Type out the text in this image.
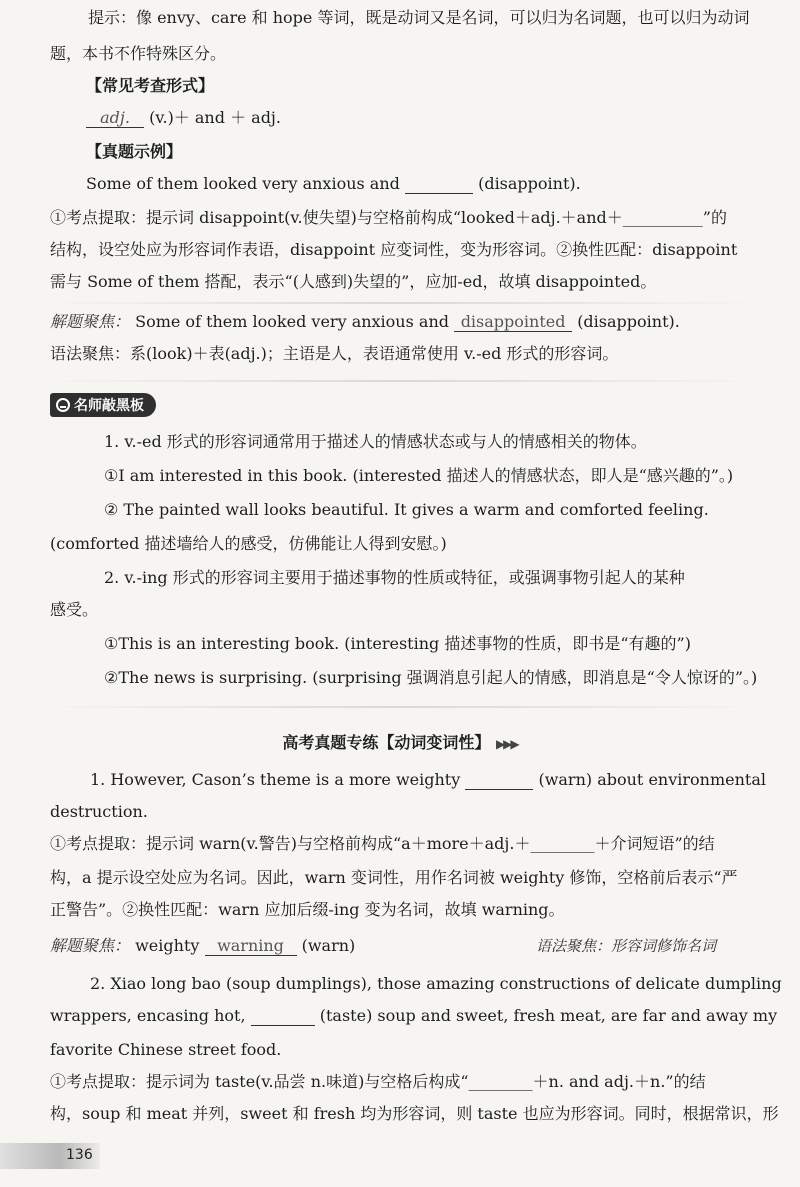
提示：像 envy、care 和 hope 等词，既是动词又是名词，可以归为名词题，也可以归为动词
题，本书不作特殊区分。
【常见考查形式】
adj. (v.)＋ and ＋ adj.
【真题示例】
Some of them looked very anxious and	(disappoint).
①考点提取：提示词 disappoint(v.使失望)与空格前构成“looked＋adj.＋and＋__________”的
结构，设空处应为形容词作表语，disappoint 应变词性，变为形容词。②换性匹配：disappoint
需与 Some of them 搭配，表示“(人感到)失望的”，应加-ed，故填 disappointed。
解题聚焦： Some of them looked very anxious and disappointed (disappoint).
语法聚焦：系(look)＋表(adj.)；主语是人，表语通常使用 v.-ed 形式的形容词。
名师敲黑板
1. v.-ed 形式的形容词通常用于描述人的情感状态或与人的情感相关的物体。
①I am interested in this book. (interested 描述人的情感状态，即人是“感兴趣的”。)
② The painted wall looks beautiful. It gives a warm and comforted feeling.
(comforted 描述墙给人的感受，仿佛能让人得到安慰。)
2. v.-ing 形式的形容词主要用于描述事物的性质或特征，或强调事物引起人的某种
感受。
①This is an interesting book. (interesting 描述事物的性质，即书是“有趣的”)
②The news is surprising. (surprising 强调消息引起人的情感，即消息是“令人惊讶的”。)
高考真题专练【动词变词性】 ▶▶▶
1. However, Cason’s theme is a more weighty	(warn) about environmental
destruction.
①考点提取：提示词 warn(v.警告)与空格前构成“a＋more＋adj.＋________＋介词短语”的结
构，a 提示设空处应为名词。因此，warn 变词性，用作名词被 weighty 修饰，空格前后表示“严
正警告”。②换性匹配：warn 应加后缀-ing 变为名词，故填 warning。
解题聚焦： weighty warning (warn)	语法聚焦：形容词修饰名词
2. Xiao long bao (soup dumplings), those amazing constructions of delicate dumpling
wrappers, encasing hot,	(taste) soup and sweet, fresh meat, are far and away my
favorite Chinese street food.
①考点提取：提示词为 taste(v.品尝 n.味道)与空格后构成“________＋n. and adj.＋n.”的结
构，soup 和 meat 并列，sweet 和 fresh 均为形容词，则 taste 也应为形容词。同时，根据常识，形
136
